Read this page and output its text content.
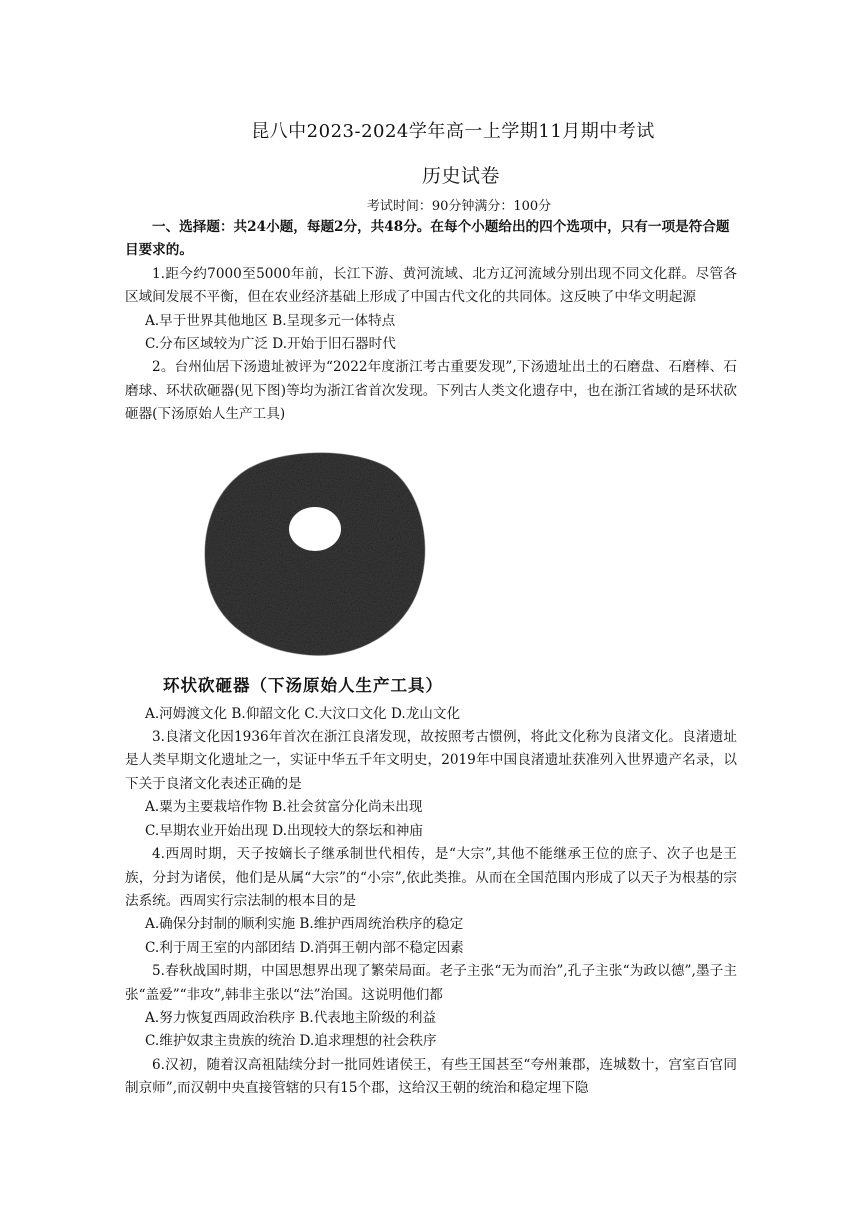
昆八中2023-2024学年高一上学期11月期中考试
历史试卷
考试时间：90分钟满分：100分

一、选择题：共24小题，每题2分，共48分。在每个小题给出的四个选项中，只有一项是符合题目要求的。

1.距今约7000至5000年前，长江下游、黄河流域、北方辽河流域分别出现不同文化群。尽管各区域间发展不平衡，但在农业经济基础上形成了中国古代文化的共同体。这反映了中华文明起源

A.早于世界其他地区 B.呈现多元一体特点

C.分布区域较为广泛 D.开始于旧石器时代

2。台州仙居下汤遗址被评为“2022年度浙江考古重要发现”,下汤遗址出土的石磨盘、石磨棒、石磨球、环状砍砸器(见下图)等均为浙江省首次发现。下列古人类文化遗存中，也在浙江省域的是环状砍砸器(下汤原始人生产工具)

环状砍砸器（下汤原始人生产工具）

A.河姆渡文化 B.仰韶文化 C.大汶口文化 D.龙山文化

3.良渚文化因1936年首次在浙江良渚发现，故按照考古惯例，将此文化称为良渚文化。良渚遗址是人类早期文化遗址之一，实证中华五千年文明史，2019年中国良渚遗址获准列入世界遗产名录，以下关于良渚文化表述正确的是

A.粟为主要栽培作物 B.社会贫富分化尚未出现

C.早期农业开始出现 D.出现较大的祭坛和神庙

4.西周时期，天子按嫡长子继承制世代相传，是“大宗”,其他不能继承王位的庶子、次子也是王族，分封为诸侯，他们是从属“大宗”的“小宗”,依此类推。从而在全国范围内形成了以天子为根基的宗法系统。西周实行宗法制的根本目的是

A.确保分封制的顺利实施 B.维护西周统治秩序的稳定

C.利于周王室的内部团结 D.消弭王朝内部不稳定因素

5.春秋战国时期，中国思想界出现了繁荣局面。老子主张“无为而治”,孔子主张“为政以德”,墨子主张“盖爱”“非攻”,韩非主张以“法”治国。这说明他们都

A.努力恢复西周政治秩序 B.代表地主阶级的利益

C.维护奴隶主贵族的统治 D.追求理想的社会秩序

6.汉初，随着汉高祖陆续分封一批同姓诸侯王，有些王国甚至“夸州兼郡，连城数十，宫室百官同制京师”,而汉朝中央直接管辖的只有15个郡，这给汉王朝的统治和稳定埋下隐
